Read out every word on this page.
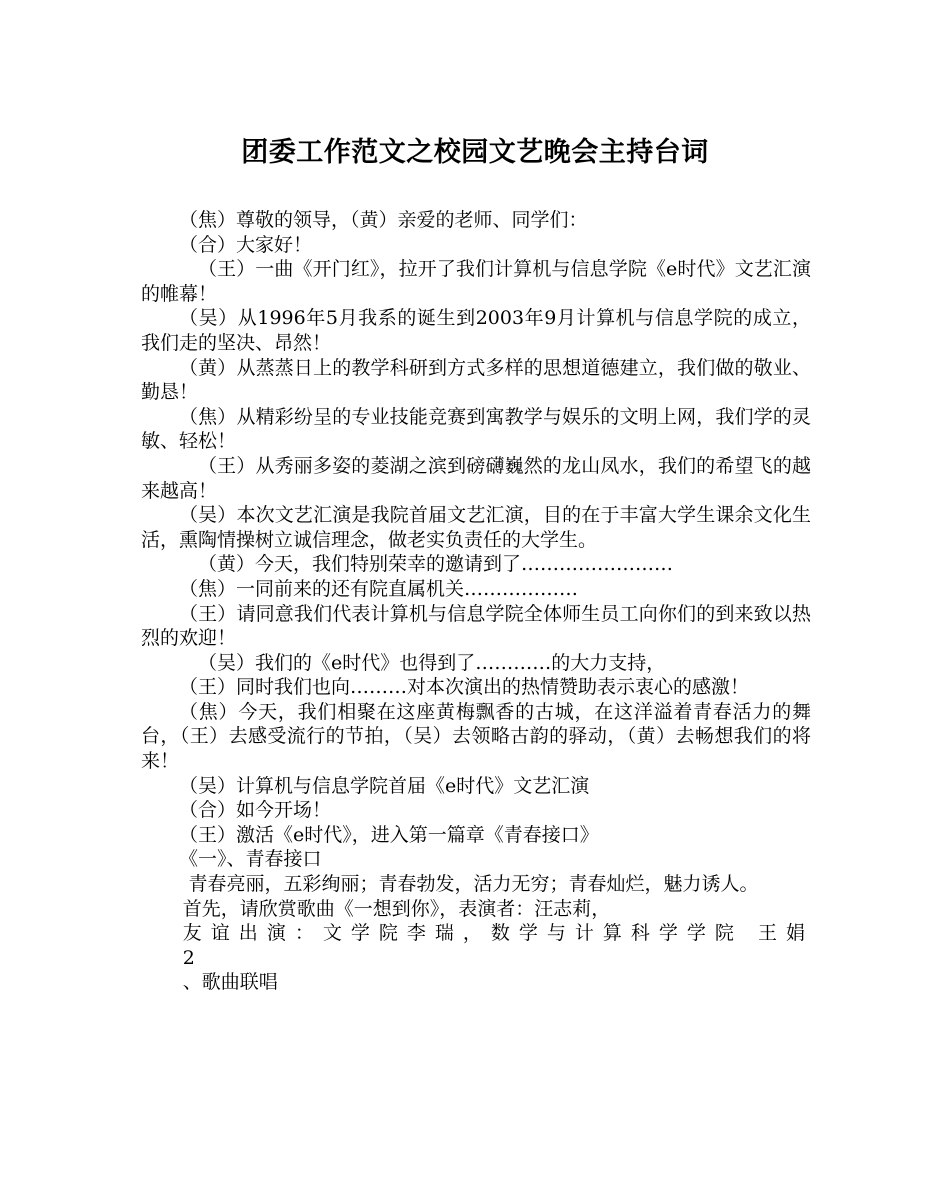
团委工作范文之校园文艺晚会主持台词

（焦）尊敬的领导，（黄）亲爱的老师、同学们：

（合）大家好！

（王）一曲《开门红》，拉开了我们计算机与信息学院《e时代》文艺汇演的帷幕！

（吴）从1996年5月我系的诞生到2003年9月计算机与信息学院的成立，我们走的坚决、昂然！

（黄）从蒸蒸日上的教学科研到方式多样的思想道德建立，我们做的敬业、勤恳！

（焦）从精彩纷呈的专业技能竞赛到寓教学与娱乐的文明上网，我们学的灵敏、轻松！

（王）从秀丽多姿的菱湖之滨到磅礴巍然的龙山凤水，我们的希望飞的越来越高！

（吴）本次文艺汇演是我院首届文艺汇演，目的在于丰富大学生课余文化生活，熏陶情操树立诚信理念，做老实负责任的大学生。

（黄）今天，我们特别荣幸的邀请到了……………………

（焦）一同前来的还有院直属机关………………

（王）请同意我们代表计算机与信息学院全体师生员工向你们的到来致以热烈的欢迎！

（吴）我们的《e时代》也得到了…………的大力支持，

（王）同时我们也向………对本次演出的热情赞助表示衷心的感激！

（焦）今天，我们相聚在这座黄梅飘香的古城，在这洋溢着青春活力的舞台，（王）去感受流行的节拍，（吴）去领略古韵的驿动，（黄）去畅想我们的将来！

（吴）计算机与信息学院首届《e时代》文艺汇演

（合）如今开场！

（王）激活《e时代》，进入第一篇章《青春接口》

《一》、青春接口

青春亮丽，五彩绚丽；青春勃发，活力无穷；青春灿烂，魅力诱人。

首先，请欣赏歌曲《一想到你》，表演者：汪志莉，

友谊出演：文学院李瑞，数学与计算科学学院 王娟

2

、歌曲联唱
